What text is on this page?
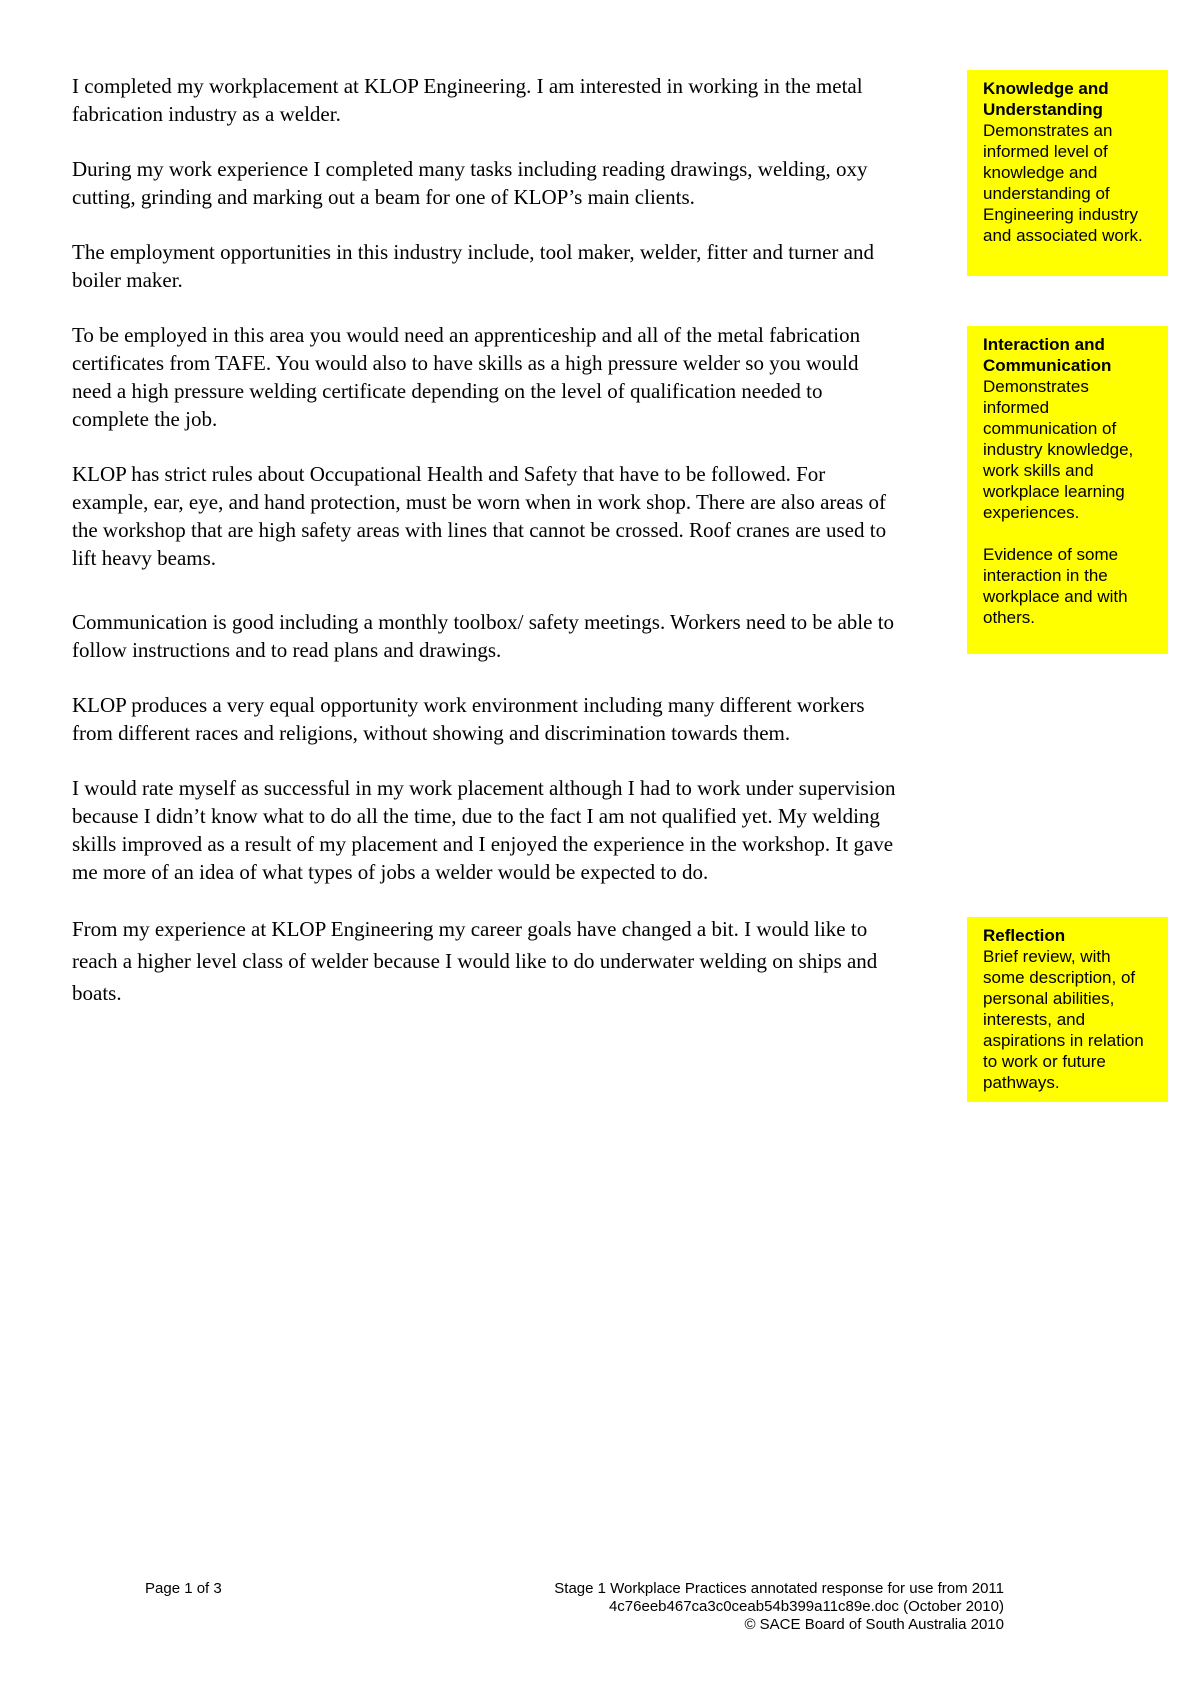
I completed my workplacement at KLOP Engineering. I am interested in working in the metal fabrication industry as a welder.

During my work experience I completed many tasks including reading drawings, welding, oxy cutting, grinding and marking out a beam for one of KLOP’s main clients.

The employment opportunities in this industry include, tool maker, welder, fitter and turner and boiler maker.

To be employed in this area you would need an apprenticeship and all of the metal fabrication certificates from TAFE. You would also to have skills as a high pressure welder so you would need a high pressure welding certificate depending on the level of qualification needed to complete the job.

KLOP has strict rules about Occupational Health and Safety that have to be followed. For example, ear, eye, and hand protection, must be worn when in work shop. There are also areas of the workshop that are high safety areas with lines that cannot be crossed. Roof cranes are used to lift heavy beams.

Communication is good including a monthly toolbox/ safety meetings. Workers need to be able to follow instructions and to read plans and drawings.

KLOP produces a very equal opportunity work environment including many different workers from different races and religions, without showing and discrimination towards them.

I would rate myself as successful in my work placement although I had to work under supervision because I didn’t know what to do all the time, due to the fact I am not qualified yet. My welding skills improved as a result of my placement and I enjoyed the experience in the workshop. It gave me more of an idea of what types of jobs a welder would be expected to do.

From my experience at KLOP Engineering my career goals have changed a bit. I would like to reach a higher level class of welder because I would like to do underwater welding on ships and boats.

Knowledge and Understanding
Demonstrates an informed level of knowledge and understanding of Engineering industry and associated work.
Interaction and Communication
Demonstrates informed communication of industry knowledge, work skills and workplace learning experiences.
Evidence of some interaction in the workplace and with others.
Reflection
Brief review, with some description, of personal abilities, interests, and aspirations in relation to work or future pathways.
Page 1 of 3	Stage 1 Workplace Practices annotated response for use from 2011
4c76eeb467ca3c0ceab54b399a11c89e.doc (October 2010)
© SACE Board of South Australia 2010
